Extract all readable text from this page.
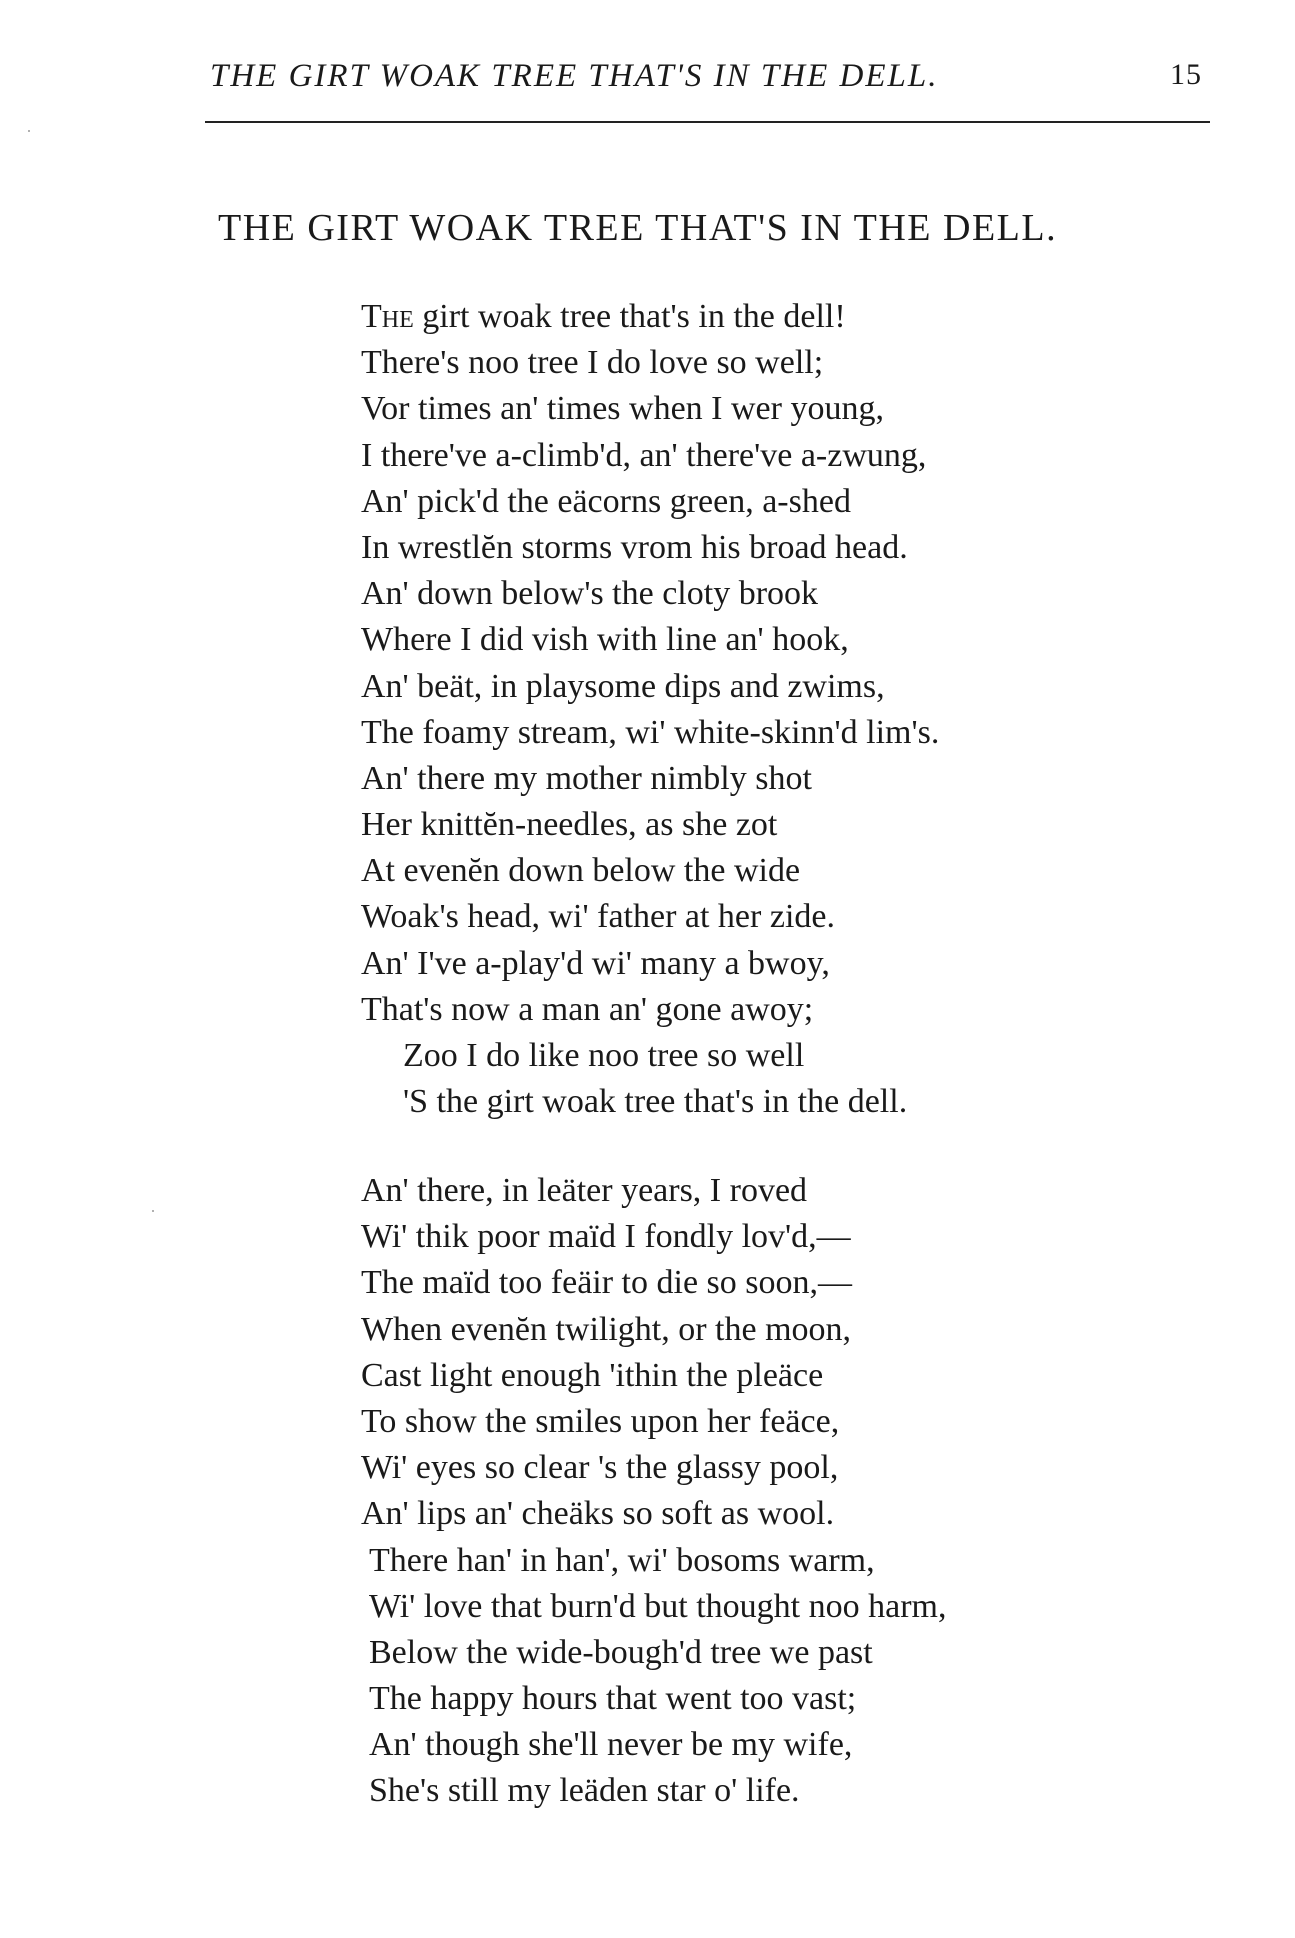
THE GIRT WOAK TREE THAT'S IN THE DELL.	15
THE GIRT WOAK TREE THAT'S IN THE DELL.
The girt woak tree that's in the dell!
There's noo tree I do love so well;
Vor times an' times when I wer young,
I there've a-climb'd, an' there've a-zwung,
An' pick'd the eäcorns green, a-shed
In wrestlĕn storms vrom his broad head.
An' down below's the cloty brook
Where I did vish with line an' hook,
An' beät, in playsome dips and zwims,
The foamy stream, wi' white-skinn'd lim's.
An' there my mother nimbly shot
Her knittĕn-needles, as she zot
At evenĕn down below the wide
Woak's head, wi' father at her zide.
An' I've a-play'd wi' many a bwoy,
That's now a man an' gone awoy;
Zoo I do like noo tree so well
'S the girt woak tree that's in the dell.
An' there, in leäter years, I roved
Wi' thik poor maïd I fondly lov'd,—
The maïd too feäir to die so soon,—
When evenĕn twilight, or the moon,
Cast light enough 'ithin the pleäce
To show the smiles upon her feäce,
Wi' eyes so clear 's the glassy pool,
An' lips an' cheäks so soft as wool.
There han' in han', wi' bosoms warm,
Wi' love that burn'd but thought noo harm,
Below the wide-bough'd tree we past
The happy hours that went too vast;
An' though she'll never be my wife,
She's still my leäden star o' life.
